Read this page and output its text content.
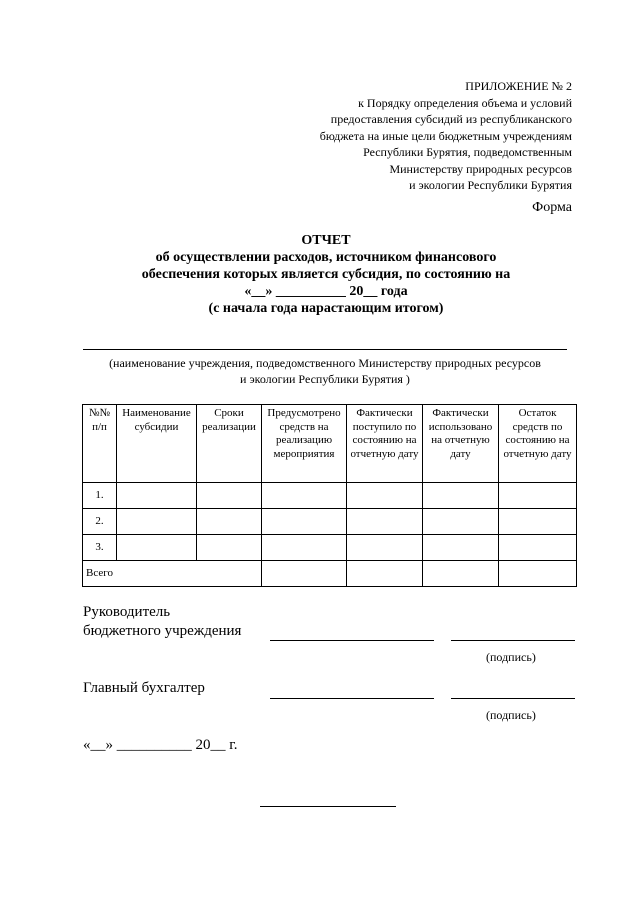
ПРИЛОЖЕНИЕ № 2
к Порядку определения объема и условий
предоставления субсидий из республиканского
бюджета на иные цели бюджетным учреждениям
Республики Бурятия, подведомственным
Министерству природных ресурсов
и экологии Республики Бурятия
Форма
ОТЧЕТ
об осуществлении расходов, источником финансового
обеспечения которых является субсидия, по состоянию на
«__» __________ 20__ года
(с начала года нарастающим итогом)
(наименование учреждения, подведомственного Министерству природных ресурсов
и экологии Республики Бурятия )
№№ п/п	Наименование субсидии	Сроки реализации	Предусмотрено средств на реализацию мероприятия	Фактически поступило по состоянию на отчетную дату	Фактически использовано на отчетную дату	Остаток средств по состоянию на отчетную дату
1.						
2.						
3.						
Всего						
Руководитель
бюджетного учреждения
(подпись)
Главный бухгалтер
(подпись)
«__» __________ 20__ г.
